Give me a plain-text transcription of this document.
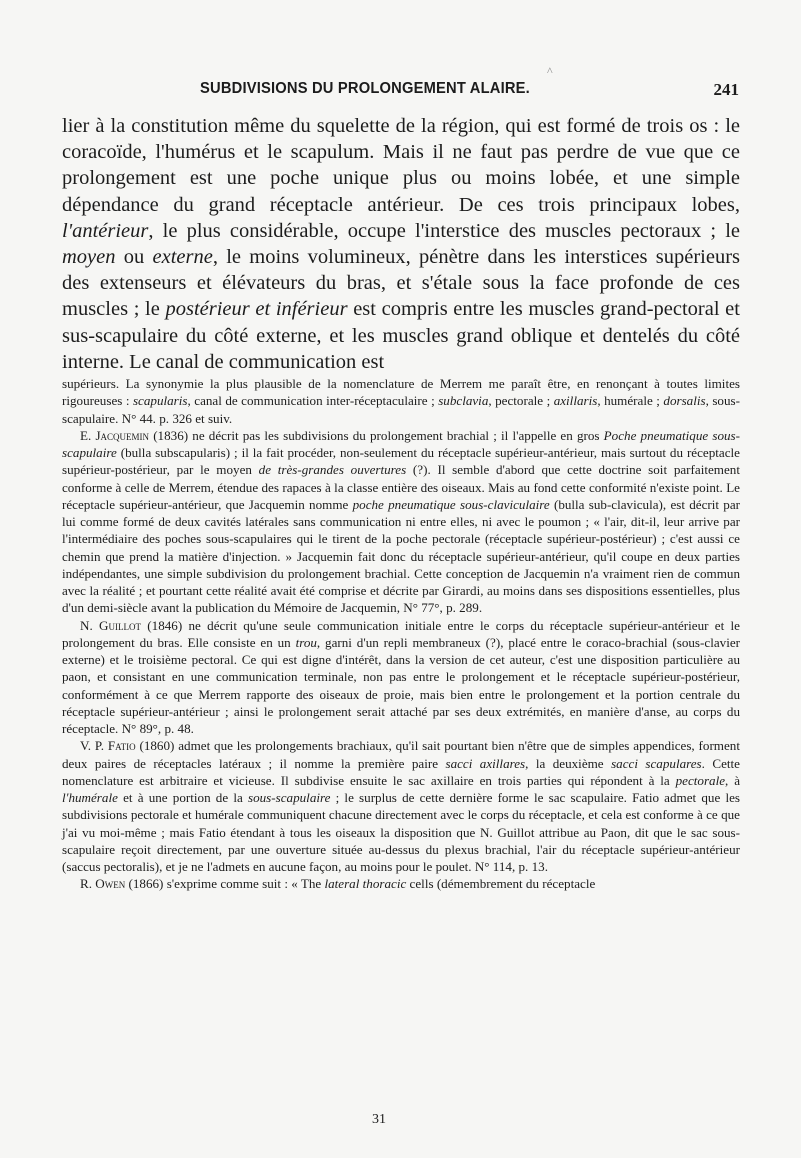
^
SUBDIVISIONS DU PROLONGEMENT ALAIRE.	241

lier à la constitution même du squelette de la région, qui est formé de trois os : le coracoïde, l'humérus et le scapulum. Mais il ne faut pas perdre de vue que ce prolongement est une poche unique plus ou moins lobée, et une simple dépendance du grand réceptacle antérieur. De ces trois principaux lobes, l'antérieur, le plus considérable, occupe l'interstice des muscles pectoraux ; le moyen ou externe, le moins volumineux, pénètre dans les interstices supérieurs des extenseurs et élévateurs du bras, et s'étale sous la face profonde de ces muscles ; le postérieur et inférieur est compris entre les muscles grand-pectoral et sus-scapulaire du côté externe, et les muscles grand oblique et dentelés du côté interne. Le canal de communication est

supérieurs. La synonymie la plus plausible de la nomenclature de Merrem me paraît être, en renonçant à toutes limites rigoureuses : scapularis, canal de communication inter-réceptaculaire ; subclavia, pectorale ; axillaris, humérale ; dorsalis, sous-scapulaire. N° 44. p. 326 et suiv.

E. Jacquemin (1836) ne décrit pas les subdivisions du prolongement brachial ; il l'appelle en gros Poche pneumatique sous-scapulaire (bulla subscapularis) ; il la fait procéder, non-seulement du réceptacle supérieur-antérieur, mais surtout du réceptacle supérieur-postérieur, par le moyen de très-grandes ouvertures (?). Il semble d'abord que cette doctrine soit parfaitement conforme à celle de Merrem, étendue des rapaces à la classe entière des oiseaux. Mais au fond cette conformité n'existe point. Le réceptacle supérieur-antérieur, que Jacquemin nomme poche pneumatique sous-claviculaire (bulla sub-clavicula), est décrit par lui comme formé de deux cavités latérales sans communication ni entre elles, ni avec le poumon ; « l'air, dit-il, leur arrive par l'intermédiaire des poches sous-scapulaires qui le tirent de la poche pectorale (réceptacle supérieur-postérieur) ; c'est aussi ce chemin que prend la matière d'injection. » Jacquemin fait donc du réceptacle supérieur-antérieur, qu'il coupe en deux parties indépendantes, une simple subdivision du prolongement brachial. Cette conception de Jacquemin n'a vraiment rien de commun avec la réalité ; et pourtant cette réalité avait été comprise et décrite par Girardi, au moins dans ses dispositions essentielles, plus d'un demi-siècle avant la publication du Mémoire de Jacquemin, N° 77°, p. 289.

N. Guillot (1846) ne décrit qu'une seule communication initiale entre le corps du réceptacle supérieur-antérieur et le prolongement du bras. Elle consiste en un trou, garni d'un repli membraneux (?), placé entre le coraco-brachial (sous-clavier externe) et le troisième pectoral. Ce qui est digne d'intérêt, dans la version de cet auteur, c'est une disposition particulière au paon, et consistant en une communication terminale, non pas entre le prolongement et le réceptacle supérieur-postérieur, conformément à ce que Merrem rapporte des oiseaux de proie, mais bien entre le prolongement et la portion centrale du réceptacle supérieur-antérieur ; ainsi le prolongement serait attaché par ses deux extrémités, en manière d'anse, au corps du réceptacle. N° 89°, p. 48.

V. P. Fatio (1860) admet que les prolongements brachiaux, qu'il sait pourtant bien n'être que de simples appendices, forment deux paires de réceptacles latéraux ; il nomme la première paire sacci axillares, la deuxième sacci scapulares. Cette nomenclature est arbitraire et vicieuse. Il subdivise ensuite le sac axillaire en trois parties qui répondent à la pectorale, à l'humérale et à une portion de la sous-scapulaire ; le surplus de cette dernière forme le sac scapulaire. Fatio admet que les subdivisions pectorale et humérale communiquent chacune directement avec le corps du réceptacle, et cela est conforme à ce que j'ai vu moi-même ; mais Fatio étendant à tous les oiseaux la disposition que N. Guillot attribue au Paon, dit que le sac sous-scapulaire reçoit directement, par une ouverture située au-dessus du plexus brachial, l'air du réceptacle supérieur-antérieur (saccus pectoralis), et je ne l'admets en aucune façon, au moins pour le poulet. N° 114, p. 13.

R. Owen (1866) s'exprime comme suit : « The lateral thoracic cells (démembrement du réceptacle

31
